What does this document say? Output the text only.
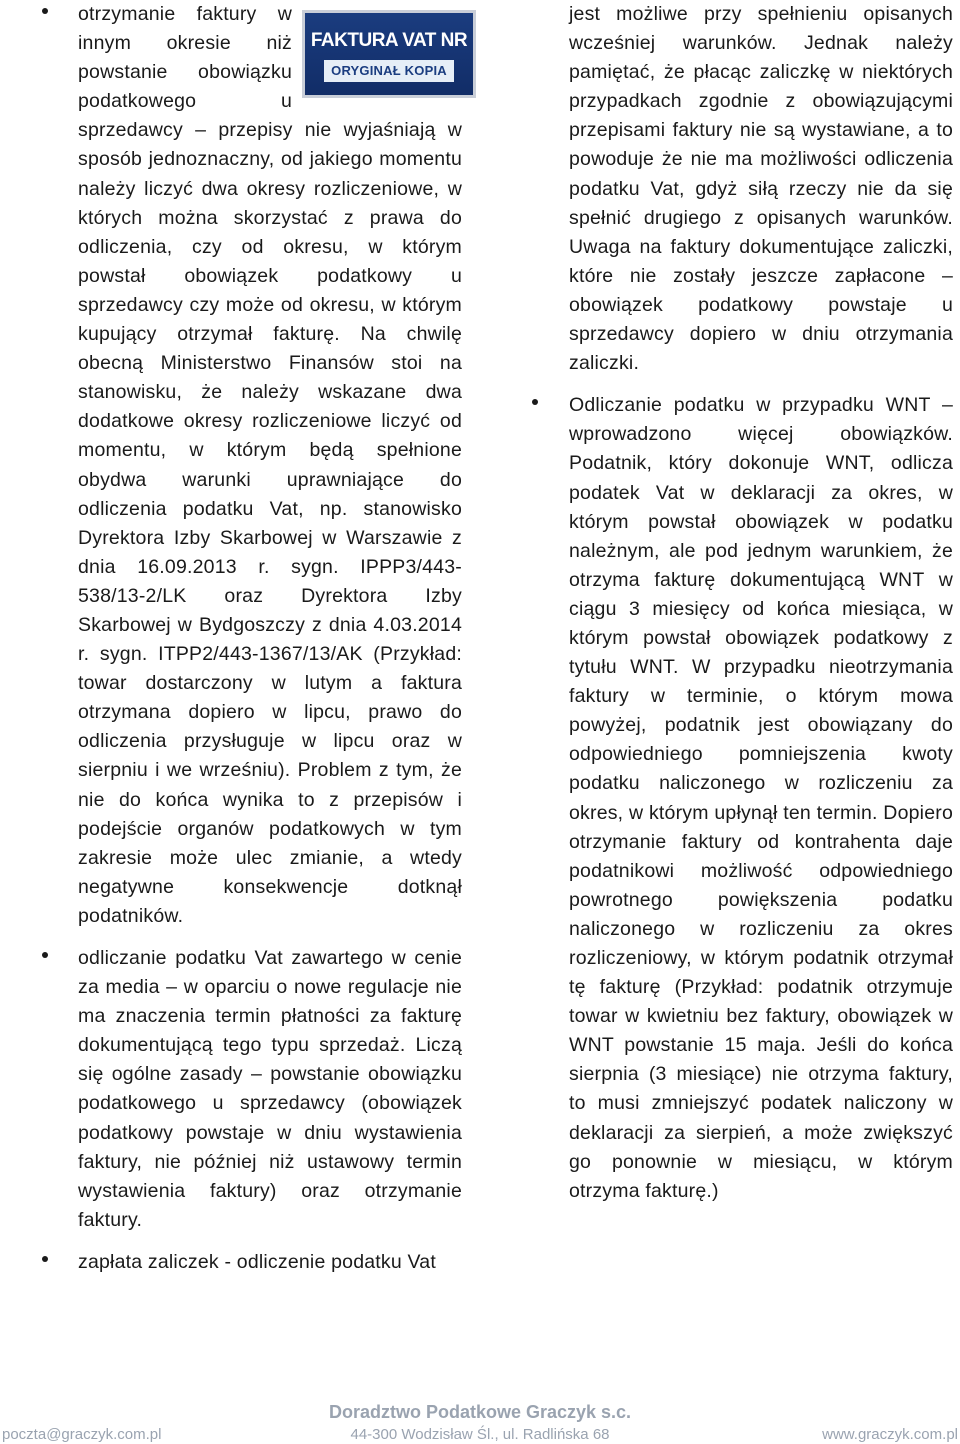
FAKTURA VAT NR
ORYGINAŁ KOPIA
otrzymanie faktury w innym okresie niż powstanie obowiązku podatkowego u sprzedawcy – przepisy nie wyjaśniają w sposób jednoznaczny, od jakiego momentu należy liczyć dwa okresy rozliczeniowe, w których można skorzystać z prawa do odliczenia, czy od okresu, w którym powstał obowiązek podatkowy u sprzedawcy czy może od okresu, w którym kupujący otrzymał fakturę. Na chwilę obecną Ministerstwo Finansów stoi na stanowisku, że należy wskazane dwa dodatkowe okresy rozliczeniowe liczyć od momentu, w którym będą spełnione obydwa warunki uprawniające do odliczenia podatku Vat, np. stanowisko Dyrektora Izby Skarbowej w Warszawie z dnia 16.09.2013 r. sygn. IPPP3/443-538/13-2/LK oraz Dyrektora Izby Skarbowej w Bydgoszczy z dnia 4.03.2014 r. sygn. ITPP2/443-1367/13/AK (Przykład: towar dostarczony w lutym a faktura otrzymana dopiero w lipcu, prawo do odliczenia przysługuje w lipcu oraz w sierpniu i we wrześniu). Problem z tym, że nie do końca wynika to z przepisów i podejście organów podatkowych w tym zakresie może ulec zmianie, a wtedy negatywne konsekwencje dotknął podatników.

odliczanie podatku Vat zawartego w cenie za media – w oparciu o nowe regulacje nie ma znaczenia termin płatności za fakturę dokumentującą tego typu sprzedaż. Liczą się ogólne zasady – powstanie obowiązku podatkowego u sprzedawcy (obowiązek podatkowy powstaje w dniu wystawienia faktury, nie później niż ustawowy termin wystawienia faktury) oraz otrzymanie faktury.

zapłata zaliczek - odliczenie podatku Vat

jest możliwe przy spełnieniu opisanych wcześniej warunków. Jednak należy pamiętać, że płacąc zaliczkę w niektórych przypadkach zgodnie z obowiązującymi przepisami faktury nie są wystawiane, a to powoduje że nie ma możliwości odliczenia podatku Vat, gdyż siłą rzeczy nie da się spełnić drugiego z opisanych warunków. Uwaga na faktury dokumentujące zaliczki, które nie zostały jeszcze zapłacone – obowiązek podatkowy powstaje u sprzedawcy dopiero w dniu otrzymania zaliczki.

Odliczanie podatku w przypadku WNT – wprowadzono więcej obowiązków. Podatnik, który dokonuje WNT, odlicza podatek Vat w deklaracji za okres, w którym powstał obowiązek w podatku należnym, ale pod jednym warunkiem, że otrzyma fakturę dokumentującą WNT w ciągu 3 miesięcy od końca miesiąca, w którym powstał obowiązek podatkowy z tytułu WNT. W przypadku nieotrzymania faktury w terminie, o którym mowa powyżej, podatnik jest obowiązany do odpowiedniego pomniejszenia kwoty podatku naliczonego w rozliczeniu za okres, w którym upłynął ten termin. Dopiero otrzymanie faktury od kontrahenta daje podatnikowi możliwość odpowiedniego powrotnego powiększenia podatku naliczonego w rozliczeniu za okres rozliczeniowy, w którym podatnik otrzymał tę fakturę (Przykład: podatnik otrzymuje towar w kwietniu bez faktury, obowiązek w WNT powstanie 15 maja. Jeśli do końca sierpnia (3 miesiące) nie otrzyma faktury, to musi zmniejszyć podatek naliczony w deklaracji za sierpień, a może zwiększyć go ponownie w miesiącu, w którym otrzyma fakturę.)

Doradztwo Podatkowe Graczyk s.c.
poczta@graczyk.com.pl	44-300 Wodzisław Śl., ul. Radlińska 68	www.graczyk.com.pl
